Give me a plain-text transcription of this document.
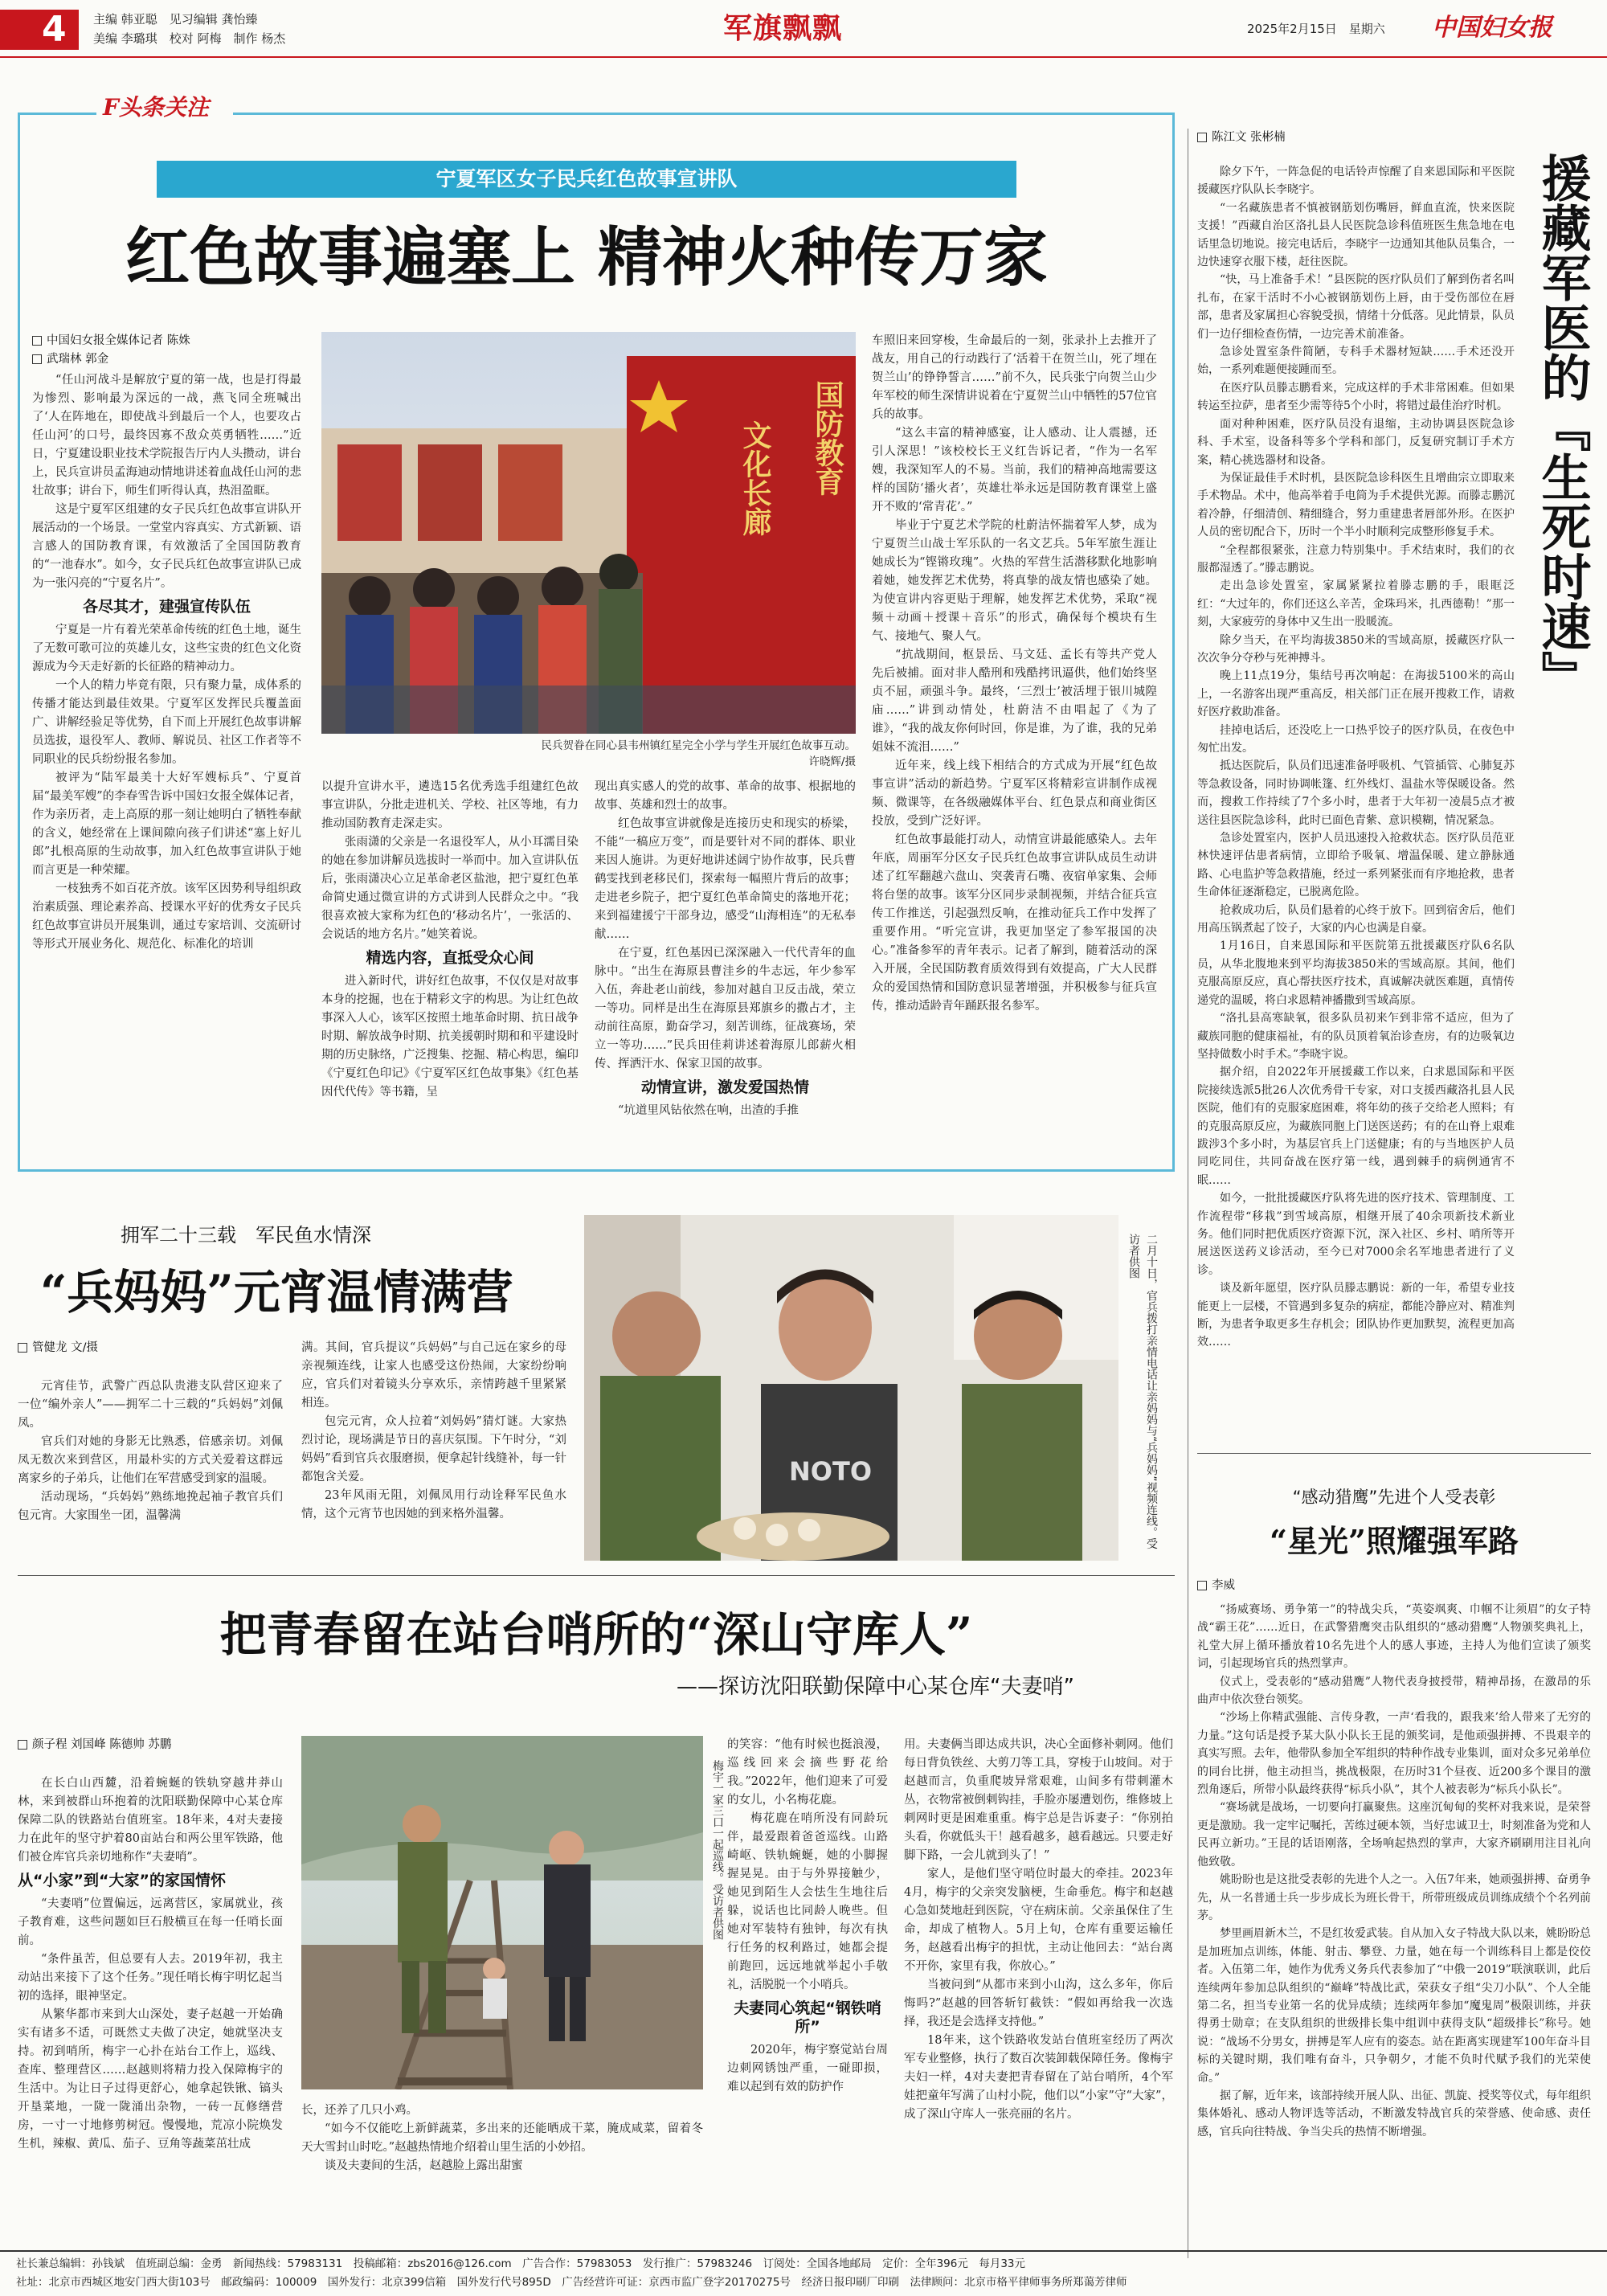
4 主编 韩亚聪　见习编辑 龚怡臻
美编 李璐琪　校对 阿梅　制作 杨杰	军旗飘飘	2025年2月15日　星期六 中国妇女报
F头条关注
宁夏军区女子民兵红色故事宣讲队
红色故事遍塞上 精神火种传万家
中国妇女报全媒体记者 陈姝
武瑞林 郭金
国防教育
文化长廊
民兵贺眷在同心县韦州镇红星完全小学与学生开展红色故事互动。
许晓辉/摄

“任山河战斗是解放宁夏的第一战，也是打得最为惨烈、影响最为深远的一战，燕飞同全班喊出了‘人在阵地在，即使战斗到最后一个人，也要攻占任山河’的口号，最终因寡不敌众英勇牺牲……”近日，宁夏建设职业技术学院报告厅内人头攒动，讲台上，民兵宣讲员孟海迪动情地讲述着血战任山河的悲壮故事；讲台下，师生们听得认真，热泪盈眶。

这是宁夏军区组建的女子民兵红色故事宣讲队开展活动的一个场景。一堂堂内容真实、方式新颖、语言感人的国防教育课，有效激活了全国国防教育的“一池春水”。如今，女子民兵红色故事宣讲队已成为一张闪亮的“宁夏名片”。

各尽其才，建强宣传队伍

宁夏是一片有着光荣革命传统的红色土地，诞生了无数可歌可泣的英雄儿女，这些宝贵的红色文化资源成为今天走好新的长征路的精神动力。

一个人的精力毕竟有限，只有聚力量，成体系的传播才能达到最佳效果。宁夏军区发挥民兵覆盖面广、讲解经验足等优势，自下而上开展红色故事讲解员选拔，退役军人、教师、解说员、社区工作者等不同职业的民兵纷纷报名参加。

被评为“陆军最美十大好军嫂标兵”、宁夏首届“最美军嫂”的李春雪告诉中国妇女报全媒体记者，作为亲历者，走上高原的那一刻让她明白了牺牲奉献的含义，她经常在上课间隙向孩子们讲述“塞上好儿郎”扎根高原的生动故事，加入红色故事宣讲队于她而言更是一种荣耀。

一枝独秀不如百花齐放。该军区因势利导组织政治素质强、理论素养高、授课水平好的优秀女子民兵红色故事宣讲员开展集训，通过专家培训、交流研讨等形式开展业务化、规范化、标准化的培训

以提升宣讲水平，遴选15名优秀选手组建红色故事宣讲队，分批走进机关、学校、社区等地，有力推动国防教育走深走实。

张雨潇的父亲是一名退役军人，从小耳濡目染的她在参加讲解员选拔时一举而中。加入宣讲队伍后，张雨潇决心立足革命老区盐池，把宁夏红色革命简史通过微宣讲的方式讲到人民群众之中。“我很喜欢被大家称为红色的‘移动名片’，一张活的、会说话的地方名片。”她笑着说。

精选内容，直抵受众心间

进入新时代，讲好红色故事，不仅仅是对故事本身的挖掘，也在于精彩文字的构思。为让红色故事深入人心，该军区按照土地革命时期、抗日战争时期、解放战争时期、抗美援朝时期和和平建设时期的历史脉络，广泛搜集、挖掘、精心构思，编印《宁夏红色印记》《宁夏军区红色故事集》《红色基因代代传》等书籍，呈

现出真实感人的党的故事、革命的故事、根据地的故事、英雄和烈士的故事。

红色故事宣讲就像是连接历史和现实的桥梁，不能“一稿应万变”，而是要针对不同的群体、职业来因人施讲。为更好地讲述阔宁协作故事，民兵曹鹤雯找到老移民们，探索每一幅照片背后的故事；走进老乡院子，把宁夏红色革命简史的落地开花；来到福建援宁干部身边，感受“山海相连”的无私奉献……

在宁夏，红色基因已深深融入一代代青年的血脉中。“出生在海原县曹洼乡的牛志远，年少参军入伍，奔赴老山前线，参加对越自卫反击战，荣立一等功。同样是出生在海原县郑旗乡的撒占才，主动前往高原，勤奋学习，刻苦训练，征战赛场，荣立一等功……”民兵田佳莉讲述着海原儿郎薪火相传、挥洒汗水、保家卫国的故事。

动情宣讲，激发爱国热情

“坑道里风钻依然在响，出渣的手推

车照旧来回穿梭，生命最后的一刻，张录扑上去推开了战友，用自己的行动践行了‘活着干在贺兰山，死了埋在贺兰山’的铮铮誓言……”前不久，民兵张宁向贺兰山少年军校的师生深情讲说着在宁夏贺兰山中牺牲的57位官兵的故事。

“这么丰富的精神感宴，让人感动、让人震撼，还引人深思！”该校校长王义红告诉记者，“作为一名军嫂，我深知军人的不易。当前，我们的精神高地需要这样的国防‘播火者’，英雄壮举永远是国防教育课堂上盛开不败的‘常青花’。”

毕业于宁夏艺术学院的杜蔚洁怀揣着军人梦，成为宁夏贺兰山战士军乐队的一名文艺兵。5年军旅生涯让她成长为“铿锵玫瑰”。火热的军营生活潜移默化地影响着她，她发挥艺术优势，将真挚的战友情也感染了她。为使宣讲内容更贴于理解，她发挥艺术优势，采取“视频＋动画＋授课＋音乐”的形式，确保每个模块有生气、接地气、聚人气。

“抗战期间，枢景岳、马文廷、孟长有等共产党人先后被捕。面对非人酷刑和残酷拷讯逼供，他们始终坚贞不屈，顽强斗争。最终，‘三烈士’被活埋于银川城隍庙……”讲到动情处，杜蔚洁不由唱起了《为了谁》，“我的战友你何时回，你是谁，为了谁，我的兄弟姐妹不流泪……”

近年来，线上线下相结合的方式成为开展“红色故事宣讲”活动的新趋势。宁夏军区将精彩宣讲制作成视频、微课等，在各级融媒体平台、红色景点和商业街区投放，受到广泛好评。

红色故事最能打动人，动情宣讲最能感染人。去年年底，周丽军分区女子民兵红色故事宣讲队成员生动讲述了红军翻越六盘山、突袭青石嘴、夜宿单家集、会师将台堡的故事。该军分区同步录制视频，并结合征兵宣传工作推送，引起强烈反响，在推动征兵工作中发挥了重要作用。“听完宣讲，我更加坚定了参军报国的决心。”准备参军的青年表示。记者了解到，随着活动的深入开展，全民国防教育质效得到有效提高，广大人民群众的爱国热情和国防意识显著增强，并积极参与征兵宣传，推动适龄青年踊跃报名参军。

陈江文 张彬楠
援藏军医的『生死时速』

除夕下午，一阵急促的电话铃声惊醒了自来恩国际和平医院援藏医疗队队长李晓宇。

“一名藏族患者不慎被钢筋划伤嘴唇，鲜血直流，快来医院支援！”西藏自治区洛扎县人民医院急诊科值班医生焦急地在电话里急切地说。接完电话后，李晓宇一边通知其他队员集合，一边快速穿衣服下楼，赶往医院。

“快，马上准备手术！”县医院的医疗队员们了解到伤者名叫扎布，在家干活时不小心被钢筋划伤上唇，由于受伤部位在唇部，患者及家属担心容貌受损，情绪十分低落。见此情景，队员们一边仔细检查伤情，一边完善术前准备。

急诊处置室条件简陋，专科手术器材短缺……手术还没开始，一系列难题便接踵而至。

在医疗队员滕志鹏看来，完成这样的手术非常困难。但如果转运至拉萨，患者至少需等待5个小时，将错过最佳治疗时机。

面对种种困难，医疗队员没有退缩，主动协调县医院急诊科、手术室，设备科等多个学科和部门，反复研究制订手术方案，精心挑选器材和设备。

为保证最佳手术时机，县医院急诊科医生且增曲宗立即取来手术物品。术中，他高举着手电筒为手术提供光源。而滕志鹏沉着冷静，仔细清创、精细缝合，努力重建患者唇部外形。在医护人员的密切配合下，历时一个半小时顺利完成整形修复手术。

“全程都很紧张，注意力特别集中。手术结束时，我们的衣服都湿透了。”滕志鹏说。

走出急诊处置室，家属紧紧拉着滕志鹏的手，眼眶泛红：“大过年的，你们还这么辛苦，金珠玛米，扎西德勒！”那一刻，大家疲劳的身体中又生出一股暖流。

除夕当天，在平均海拔3850米的雪域高原，援藏医疗队一次次争分夺秒与死神搏斗。

晚上11点19分，集结号再次响起：在海拔5100米的高山上，一名游客出现严重高反，相关部门正在展开搜救工作，请救好医疗救助准备。

挂掉电话后，还没吃上一口热乎饺子的医疗队员，在夜色中匆忙出发。

抵达医院后，队员们迅速准备呼吸机、气管插管、心肺复苏等急救设备，同时协调帐篷、红外线灯、温盐水等保暖设备。然而，搜救工作持续了7个多小时，患者于大年初一凌晨5点才被送往县医院急诊科，此时已面色青紫、意识模糊，情况紧急。

急诊处置室内，医护人员迅速投入抢救状态。医疗队员范亚林快速评估患者病情，立即给予吸氧、增温保暖、建立静脉通路、心电监护等急救措施，经过一系列紧张而有序地抢救，患者生命体征逐渐稳定，已脱离危险。

抢救成功后，队员们悬着的心终于放下。回到宿舍后，他们用高压锅煮起了饺子，大家的内心也满是自豪。

1月16日，自来恩国际和平医院第五批援藏医疗队6名队员，从华北腹地来到平均海拔3850米的雪域高原。其间，他们克服高原反应，真心帮扶医疗技术，真诚解决就医难题，真情传递党的温暖，将白求恩精神播撒到雪域高原。

“洛扎县高寒缺氧，很多队员初来乍到非常不适应，但为了藏族同胞的健康福祉，有的队员顶着氧治诊查房，有的边吸氧边坚持做数小时手术。”李晓宇说。

据介绍，自2022年开展援藏工作以来，白求恩国际和平医院接续选派5批26人次优秀骨干专家，对口支援西藏洛扎县人民医院，他们有的克服家庭困难，将年幼的孩子交给老人照料；有的克服高原反应，为藏族同胞上门送医送药；有的在山脊上艰难跋涉3个多小时，为基层官兵上门送健康；有的与当地医护人员同吃同住，共同奋战在医疗第一线，遇到棘手的病例通宵不眠……

如今，一批批援藏医疗队将先进的医疗技术、管理制度、工作流程带“移栽”到雪域高原，相继开展了40余项新技术新业务。他们同时把优质医疗资源下沉，深入社区、乡村、哨所等开展送医送药义诊活动，至今已对7000余名军地患者进行了义诊。

谈及新年愿望，医疗队员滕志鹏说：新的一年，希望专业技能更上一层楼，不管遇到多复杂的病症，都能冷静应对、精准判断，为患者争取更多生存机会；团队协作更加默契，流程更加高效……

“感动猎鹰”先进个人受表彰
“星光”照耀强军路
李威

“扬威赛场、勇争第一”的特战尖兵，“英姿飒爽、巾帼不让须眉”的女子特战“霸王花”……近日，在武警猎鹰突击队组织的“感动猎鹰”人物颁奖典礼上，礼堂大屏上循环播放着10名先进个人的感人事迹，主持人为他们宣读了颁奖词，引起现场官兵的热烈掌声。

仪式上，受表彰的“感动猎鹰”人物代表身披授带，精神昂扬，在激昂的乐曲声中依次登台领奖。

“沙场上你精武强能、言传身教，一声‘看我的，跟我来’给人带来了无穷的力量。”这句话是授予某大队小队长王昆的颁奖词，是他顽强拼搏、不畏艰辛的真实写照。去年，他带队参加全军组织的特种作战专业集训，面对众多兄弟单位的同台比拼，他主动担当，挑战极限，在历时31个昼夜、近200多个课目的激烈角逐后，所带小队最终获得“标兵小队”，其个人被表彰为“标兵小队长”。

“赛场就是战场，一切要向打赢聚焦。这座沉甸甸的奖杯对我来说，是荣誉更是激励。我一定牢记嘱托，苦练过硬本领，当好忠诚卫士，时刻准备为党和人民再立新功。”王昆的话语刚落，全场响起热烈的掌声，大家齐刷刷用注目礼向他致敬。

姚盼盼也是这批受表彰的先进个人之一。入伍7年来，她顽强拼搏、奋勇争先，从一名普通士兵一步步成长为班长骨干，所带班级成员训练成绩个个名列前茅。

梦里画眉新木兰，不是红妆爱武装。自从加入女子特战大队以来，姚盼盼总是加班加点训练，体能、射击、攀登、力量，她在每一个训练科目上都是佼佼者。入伍第二年，她作为优秀义务兵代表参加了“中俄一2019”联演联训，此后连续两年参加总队组织的“巅峰”特战比武，荣获女子组“尖刀小队”、个人全能第二名，担当专业第一名的优异成绩；连续两年参加“魔鬼周”极限训练，并获得勇士勋章；在支队组织的世级排长集中组训中获得支队“超级排长”称号。她说：“战场不分男女，拼搏是军人应有的姿态。站在距离实现建军100年奋斗目标的关键时期，我们唯有奋斗，只争朝夕，才能不负时代赋予我们的光荣使命。”

据了解，近年来，该部持续开展人队、出征、凯旋、授奖等仪式，每年组织集体婚礼、感动人物评选等活动，不断激发特战官兵的荣誉感、使命感、责任感，官兵向往特战、争当尖兵的热情不断增强。

拥军二十三载　军民鱼水情深
“兵妈妈”元宵温情满营
管健龙 文/摄

元宵佳节，武警广西总队贵港支队营区迎来了一位“编外亲人”——拥军二十三载的“兵妈妈”刘佩凤。

官兵们对她的身影无比熟悉，倍感亲切。刘佩凤无数次来到营区，用最朴实的方式关爱着这群远离家乡的子弟兵，让他们在军营感受到家的温暖。

活动现场，“兵妈妈”熟练地挽起袖子教官兵们包元宵。大家围坐一团，温馨满

满。其间，官兵提议“兵妈妈”与自己远在家乡的母亲视频连线，让家人也感受这份热闹，大家纷纷响应，官兵们对着镜头分享欢乐，亲情跨越千里紧紧相连。

包完元宵，众人拉着“刘妈妈”猜灯谜。大家热烈讨论，现场满是节日的喜庆氛围。下午时分，“刘妈妈”看到官兵衣服磨损，便拿起针线缝补，每一针都饱含关爱。

23年风雨无阻，刘佩凤用行动诠释军民鱼水情，这个元宵节也因她的到来格外温馨。

NOTO	二月十日，官兵拨打亲情电话让亲妈妈与“兵妈妈”视频连线。受访者供图
把青春留在站台哨所的“深山守库人”
——探访沈阳联勤保障中心某仓库“夫妻哨”
颜子程 刘国峰 陈德帅 苏鹏

在长白山西麓，沿着蜿蜒的铁轨穿越井莽山林，来到被群山环抱着的沈阳联勤保障中心某仓库保障二队的铁路站台值班室。18年来，4对夫妻接力在此年的坚守护着80亩站台和两公里军铁路，他们被仓库官兵亲切地称作“夫妻哨”。

从“小家”到“大家”的家国情怀

“夫妻哨”位置偏远，远离营区，家属就业，孩子教育难，这些问题如巨石般横亘在每一任哨长面前。

“条件虽苦，但总要有人去。2019年初，我主动站出来接下了这个任务。”现任哨长梅宇明忆起当初的选择，眼神坚定。

从繁华都市来到大山深处，妻子赵越一开始确实有诸多不适，可既然丈夫做了决定，她就坚决支持。初到哨所，梅宇一心扑在站台工作上，巡线、查库、整理营区……赵越则将精力投入保障梅宇的生活中。为让日子过得更舒心，她拿起铁锹、镐头开垦菜地，一陇一陇涌出杂物，一砖一瓦修缮营房，一寸一寸地修剪树冠。慢慢地，荒凉小院焕发生机，辣椒、黄瓜、茄子、豆角等蔬菜茁壮成

梅宇一家三口一起巡线。受访者供图

长，还养了几只小鸡。

“如今不仅能吃上新鲜蔬菜，多出来的还能晒成干菜，腌成咸菜，留着冬天大雪封山时吃。”赵越热情地介绍着山里生活的小妙招。

谈及夫妻间的生活，赵越脸上露出甜蜜

的笑容：“他有时候也挺浪漫，巡线回来会摘些野花给我。”2022年，他们迎来了可爱的女儿，小名梅花鹿。

梅花鹿在哨所没有同龄玩伴，最爱跟着爸爸巡线。山路崎岖、铁轨蜿蜒，她的小脚握握晃晃。由于与外界接触少，她见到陌生人会怯生生地往后躲，说话也比同龄人晚些。但她对军装特有独钟，每次有执行任务的权利路过，她都会提前跑回，远远地就举起小手敬礼，活脱脱一个小哨兵。

夫妻同心筑起“钢铁哨所”

2020年，梅宇察觉站台周边刺网锈蚀严重，一碰即损，难以起到有效的防护作

用。夫妻俩当即达成共识，决心全面修补刺网。他们每日背负铁丝、大剪刀等工具，穿梭于山坡间。对于赵越而言，负重爬坡异常艰难，山间多有带刺灌木丛，衣物常被倒刺钩挂，手脸亦屡遭划伤，维修坡上刺网时更是困难重重。梅宇总是告诉妻子：“你别拍头看，你就低头干！越看越多，越看越远。只要走好脚下路，一会儿就到头了！”

家人，是他们坚守哨位时最大的牵挂。2023年4月，梅宇的父亲突发脑梗，生命垂危。梅宇和赵越心急如焚地赶到医院，守在病床前。父亲虽保住了生命，却成了植物人。5月上旬，仓库有重要运输任务，赵越看出梅宇的担忧，主动让他回去：“站台离不开你，家里有我，你放心。”

当被问到“从都市来到小山沟，这么多年，你后悔吗?”赵越的回答斩钉截铁：“假如再给我一次选择，我还是会选择支持他。”

18年来，这个铁路收发站台值班室经历了两次军专业整修，执行了数百次装卸载保障任务。像梅宇夫妇一样，4对夫妻把青春留在了站台哨所，4个军娃把童年写满了山村小院，他们以“小家”守“大家”，成了深山守库人一张亮丽的名片。

社长兼总编辑：孙钱斌　值班副总编：金勇　新闻热线：57983131　投稿邮箱：zbs2016@126.com　广告合作：57983053　发行推广：57983246　订阅处：全国各地邮局　定价：全年396元　每月33元
社址：北京市西城区地安门西大街103号　邮政编码：100009　国外发行：北京399信箱　国外发行代号895D　广告经营许可证：京西市监广登字20170275号　经济日报印刷厂印刷　法律顾问：北京市格平律师事务所郑蔼芳律师
